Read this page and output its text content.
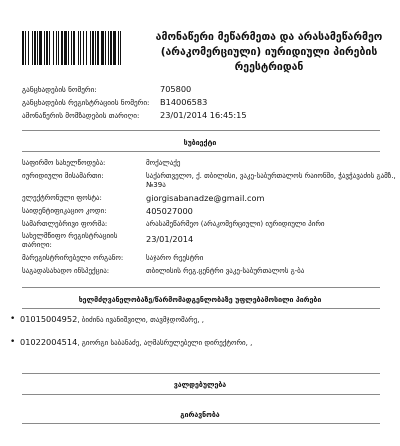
ამონაწერი მეწარმეთა და არასამეწარმეო
(არაკომერციული) იურიდიული პირების
რეესტრიდან
განცხადების ნომერი:	705800
განცხადების რეგისტრაციის ნომერი: B14006583
ამონაწერის მომზადების თარიღი:	23/01/2014 16:45:15
სუბიექტი
საფირმო სახელწოდება:	მოქალაქე
იურიდიული მისამართი:	საქართველო, ქ. თბილისი, ვაკე-საბურთალოს რაიონში, ჭავჭავაძის გამზ., №39ა
ელექტრონული ფოსტა:	giorgisabanadze@gmail.com
საიდენტიფიკაციო კოდი:	405027000
სამართლებრივი ფორმა:	არასამეწარმეო (არაკომერციული) იურიდიული პირი
სახელმწიფო რეგისტრაციის თარიღი:
23/01/2014
მარეგისტრირებელი ორგანო:	საჯარო რეესტრი
საგადასახადო ინსპექცია:	თბილისის რეგ.ცენტრი ვაკე-საბურთალოს გ-ბა
ხელმძღვანელობაზე/წარმომადგენლობაზე უფლებამოსილი პირები
• 01015004952, ბიძინა ივანიშვილი, თავმჯდომარე, ,
• 01022004514, გიორგი საბანაძე, აღმასრულებელი დირექტორი, ,
ვალდებულება
გირავნობა
